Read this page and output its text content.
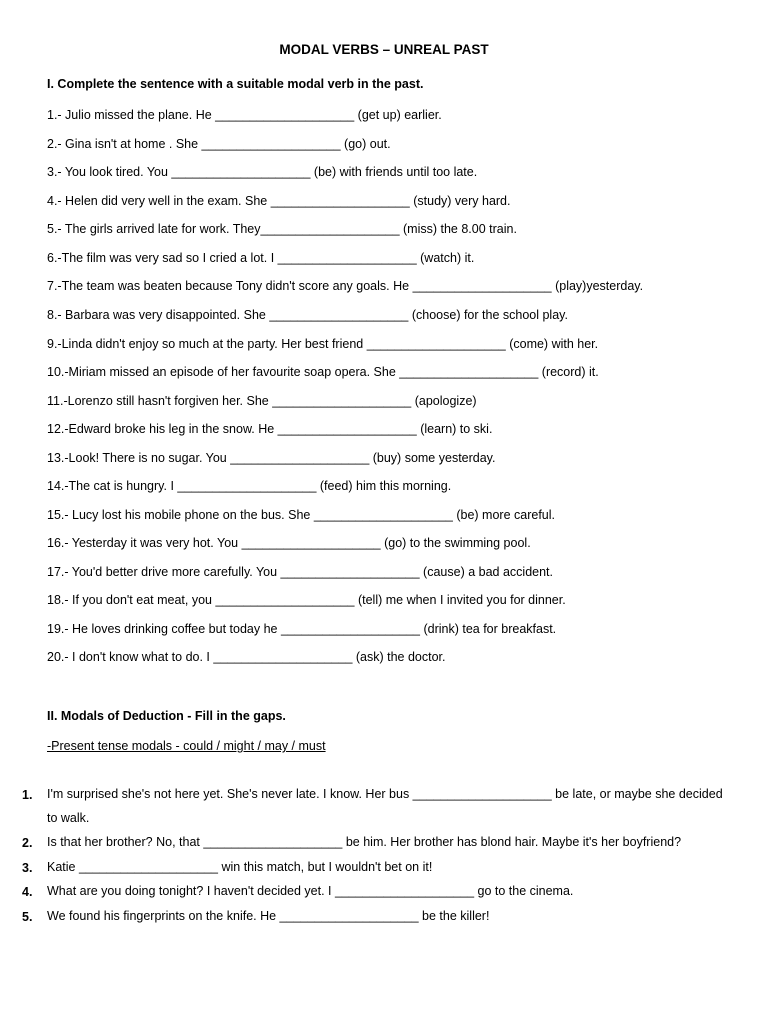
MODAL VERBS – UNREAL PAST
I. Complete the sentence with a suitable modal verb in the past.
1.- Julio missed the plane. He ____________________ (get up) earlier.
2.- Gina isn't at home . She ____________________ (go) out.
3.- You look tired. You ____________________ (be) with friends until too late.
4.- Helen did very well in the exam. She ____________________ (study) very hard.
5.- The girls arrived late for work. They____________________ (miss) the 8.00 train.
6.-The film was very sad so I cried a lot. I ____________________ (watch) it.
7.-The team was beaten because Tony didn't score any goals. He ____________________ (play)yesterday.
8.- Barbara was very disappointed. She ____________________ (choose) for the school play.
9.-Linda didn't enjoy so much at the party. Her best friend ____________________ (come) with her.
10.-Miriam missed an episode of her favourite soap opera. She ____________________ (record) it.
11.-Lorenzo still hasn't forgiven her. She ____________________ (apologize)
12.-Edward broke his leg in the snow. He ____________________ (learn) to ski.
13.-Look! There is no sugar. You ____________________ (buy) some yesterday.
14.-The cat is hungry. I ____________________ (feed) him this morning.
15.- Lucy lost his mobile phone on the bus. She ____________________ (be) more careful.
16.- Yesterday it was very hot. You ____________________ (go) to the swimming pool.
17.- You'd better drive more carefully. You ____________________ (cause) a bad accident.
18.- If you don't eat meat, you ____________________ (tell) me when I invited you for dinner.
19.- He loves drinking coffee but today he ____________________ (drink) tea for breakfast.
20.- I don't know what to do. I ____________________ (ask) the doctor.
II. Modals of Deduction - Fill in the gaps.
-Present tense modals - could / might / may / must
1. I'm surprised she's not here yet. She's never late. I know. Her bus ____________________ be late, or maybe she decided to walk.
2. Is that her brother? No, that ____________________ be him. Her brother has blond hair. Maybe it's her boyfriend?
3. Katie ____________________ win this match, but I wouldn't bet on it!
4. What are you doing tonight? I haven't decided yet. I ____________________ go to the cinema.
5. We found his fingerprints on the knife. He ____________________ be the killer!
